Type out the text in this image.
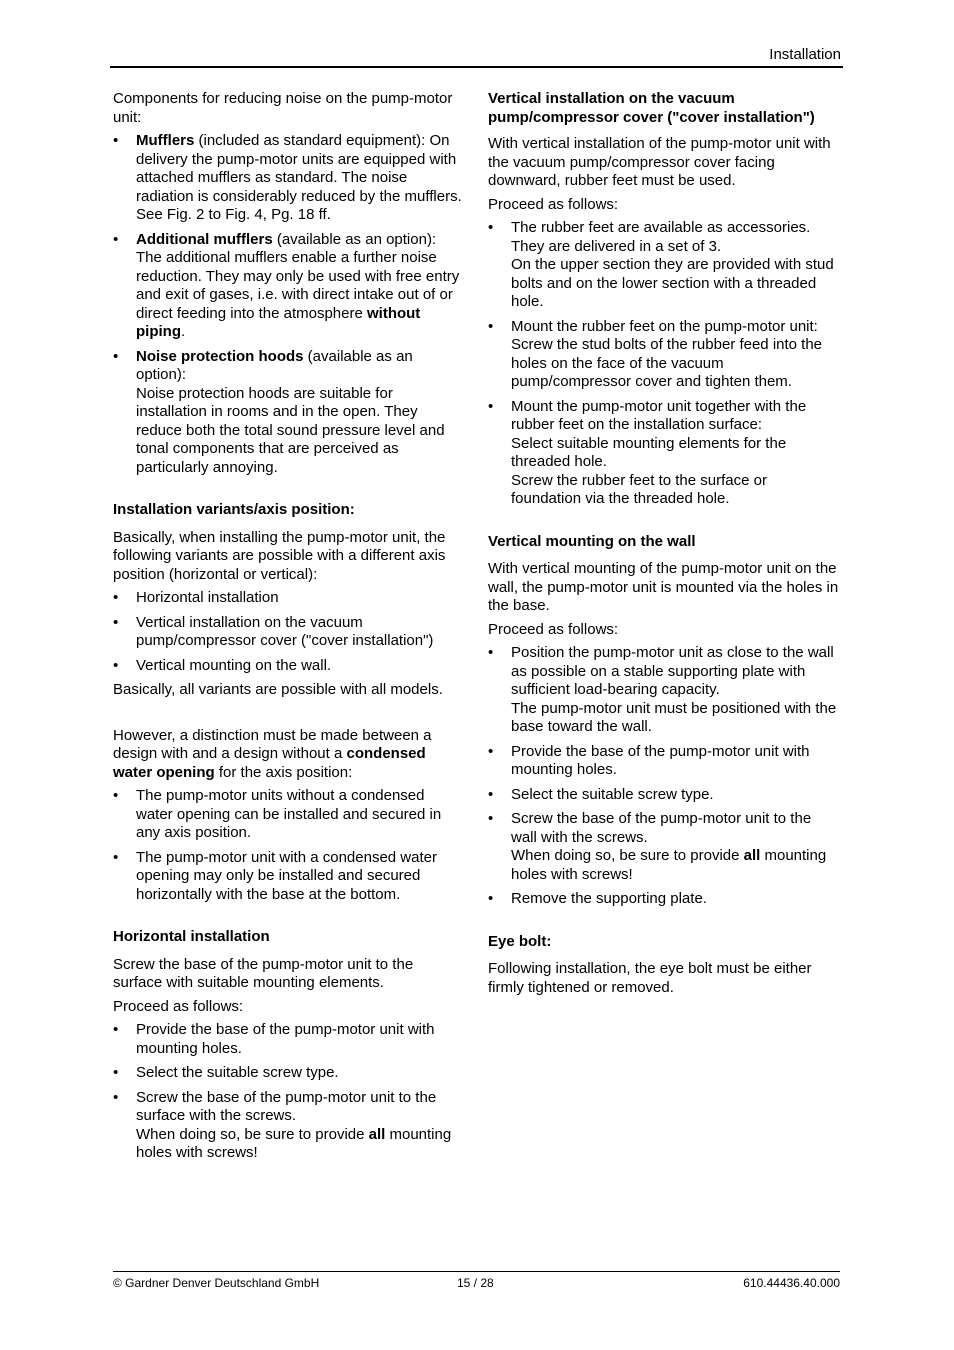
Installation

Components for reducing noise on the pump-motor unit:

• Mufflers (included as standard equipment): On delivery the pump-motor units are equipped with attached mufflers as standard. The noise radiation is considerably reduced by the mufflers. See Fig. 2 to Fig. 4, Pg. 18 ff.
• Additional mufflers (available as an option): The additional mufflers enable a further noise reduction. They may only be used with free entry and exit of gases, i.e. with direct intake out of or direct feeding into the atmosphere without piping.
• Noise protection hoods (available as an option):
Noise protection hoods are suitable for installation in rooms and in the open. They reduce both the total sound pressure level and tonal components that are perceived as particularly annoying.
Installation variants/axis position:

Basically, when installing the pump-motor unit, the following variants are possible with a different axis position (horizontal or vertical):

• Horizontal installation
• Vertical installation on the vacuum pump/compressor cover ("cover installation")
• Vertical mounting on the wall.

Basically, all variants are possible with all models.

However, a distinction must be made between a design with and a design without a condensed water opening for the axis position:

• The pump-motor units without a condensed water opening can be installed and secured in any axis position.
• The pump-motor unit with a condensed water opening may only be installed and secured horizontally with the base at the bottom.
Horizontal installation

Screw the base of the pump-motor unit to the surface with suitable mounting elements.

Proceed as follows:

• Provide the base of the pump-motor unit with mounting holes.
• Select the suitable screw type.
• Screw the base of the pump-motor unit to the surface with the screws.
When doing so, be sure to provide all mounting holes with screws!
Vertical installation on the vacuum pump/compressor cover ("cover installation")

With vertical installation of the pump-motor unit with the vacuum pump/compressor cover facing downward, rubber feet must be used.

Proceed as follows:

• The rubber feet are available as accessories. They are delivered in a set of 3.
On the upper section they are provided with stud bolts and on the lower section with a threaded hole.
• Mount the rubber feet on the pump-motor unit: Screw the stud bolts of the rubber feed into the holes on the face of the vacuum pump/compressor cover and tighten them.
• Mount the pump-motor unit together with the rubber feet on the installation surface:
Select suitable mounting elements for the threaded hole.
Screw the rubber feet to the surface or foundation via the threaded hole.
Vertical mounting on the wall

With vertical mounting of the pump-motor unit on the wall, the pump-motor unit is mounted via the holes in the base.

Proceed as follows:

• Position the pump-motor unit as close to the wall as possible on a stable supporting plate with sufficient load-bearing capacity.
The pump-motor unit must be positioned with the base toward the wall.
• Provide the base of the pump-motor unit with mounting holes.
• Select the suitable screw type.
• Screw the base of the pump-motor unit to the wall with the screws.
When doing so, be sure to provide all mounting holes with screws!
• Remove the supporting plate.
Eye bolt:

Following installation, the eye bolt must be either firmly tightened or removed.

© Gardner Denver Deutschland GmbH	15 / 28	610.44436.40.000
